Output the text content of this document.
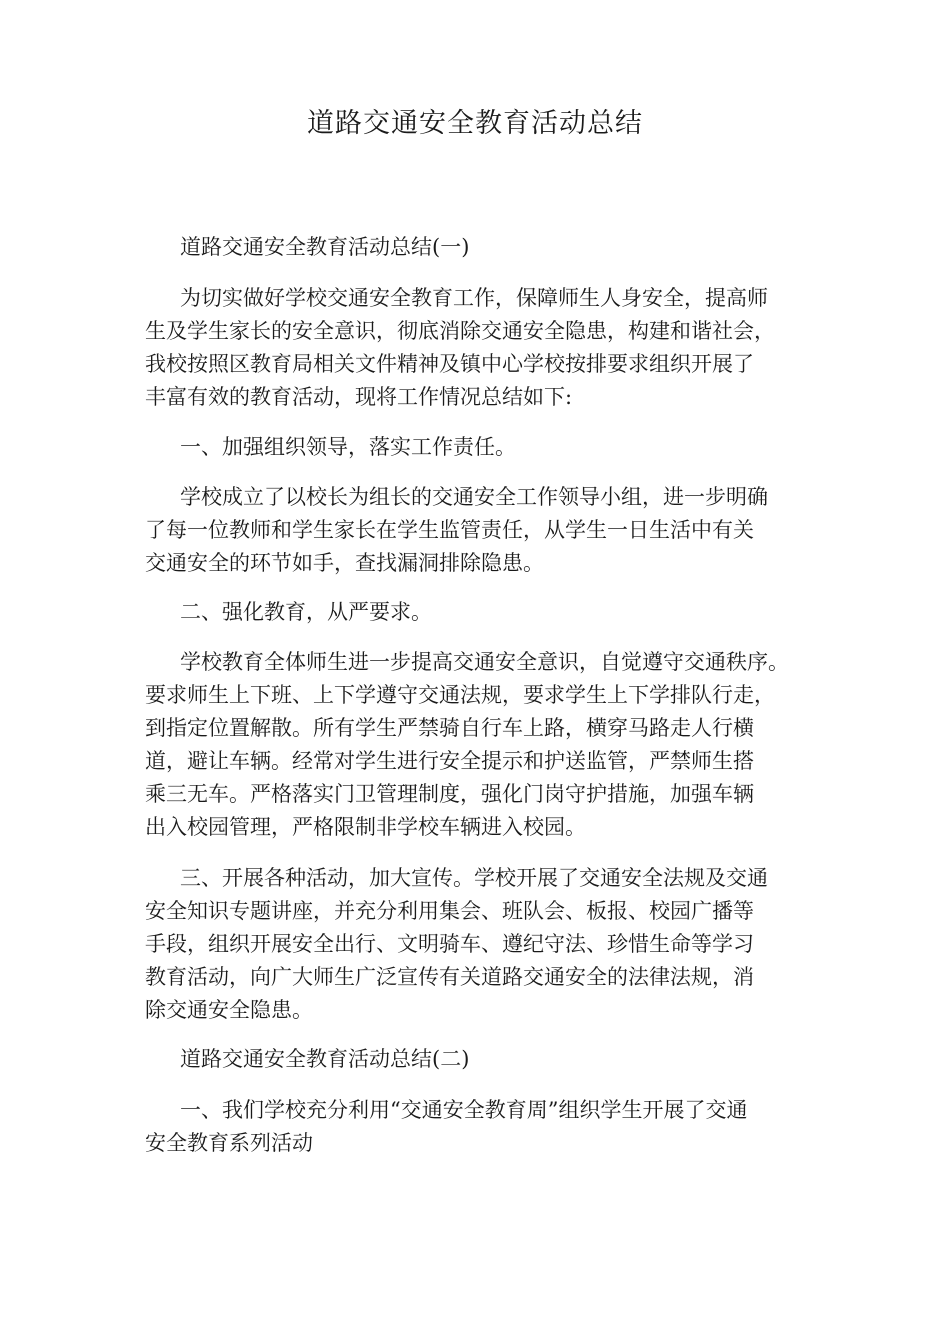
道路交通安全教育活动总结
道路交通安全教育活动总结(一)
为切实做好学校交通安全教育工作，保障师生人身安全，提高师
生及学生家长的安全意识，彻底消除交通安全隐患，构建和谐社会，
我校按照区教育局相关文件精神及镇中心学校按排要求组织开展了
丰富有效的教育活动，现将工作情况总结如下:
一、加强组织领导，落实工作责任。
学校成立了以校长为组长的交通安全工作领导小组，进一步明确
了每一位教师和学生家长在学生监管责任，从学生一日生活中有关
交通安全的环节如手，查找漏洞排除隐患。
二、强化教育，从严要求。
学校教育全体师生进一步提高交通安全意识，自觉遵守交通秩序。
要求师生上下班、上下学遵守交通法规，要求学生上下学排队行走，
到指定位置解散。所有学生严禁骑自行车上路，横穿马路走人行横
道，避让车辆。经常对学生进行安全提示和护送监管，严禁师生搭
乘三无车。严格落实门卫管理制度，强化门岗守护措施，加强车辆
出入校园管理，严格限制非学校车辆进入校园。
三、开展各种活动，加大宣传。学校开展了交通安全法规及交通
安全知识专题讲座，并充分利用集会、班队会、板报、校园广播等
手段，组织开展安全出行、文明骑车、遵纪守法、珍惜生命等学习
教育活动，向广大师生广泛宣传有关道路交通安全的法律法规，消
除交通安全隐患。
道路交通安全教育活动总结(二)
一、我们学校充分利用“交通安全教育周”组织学生开展了交通
安全教育系列活动
